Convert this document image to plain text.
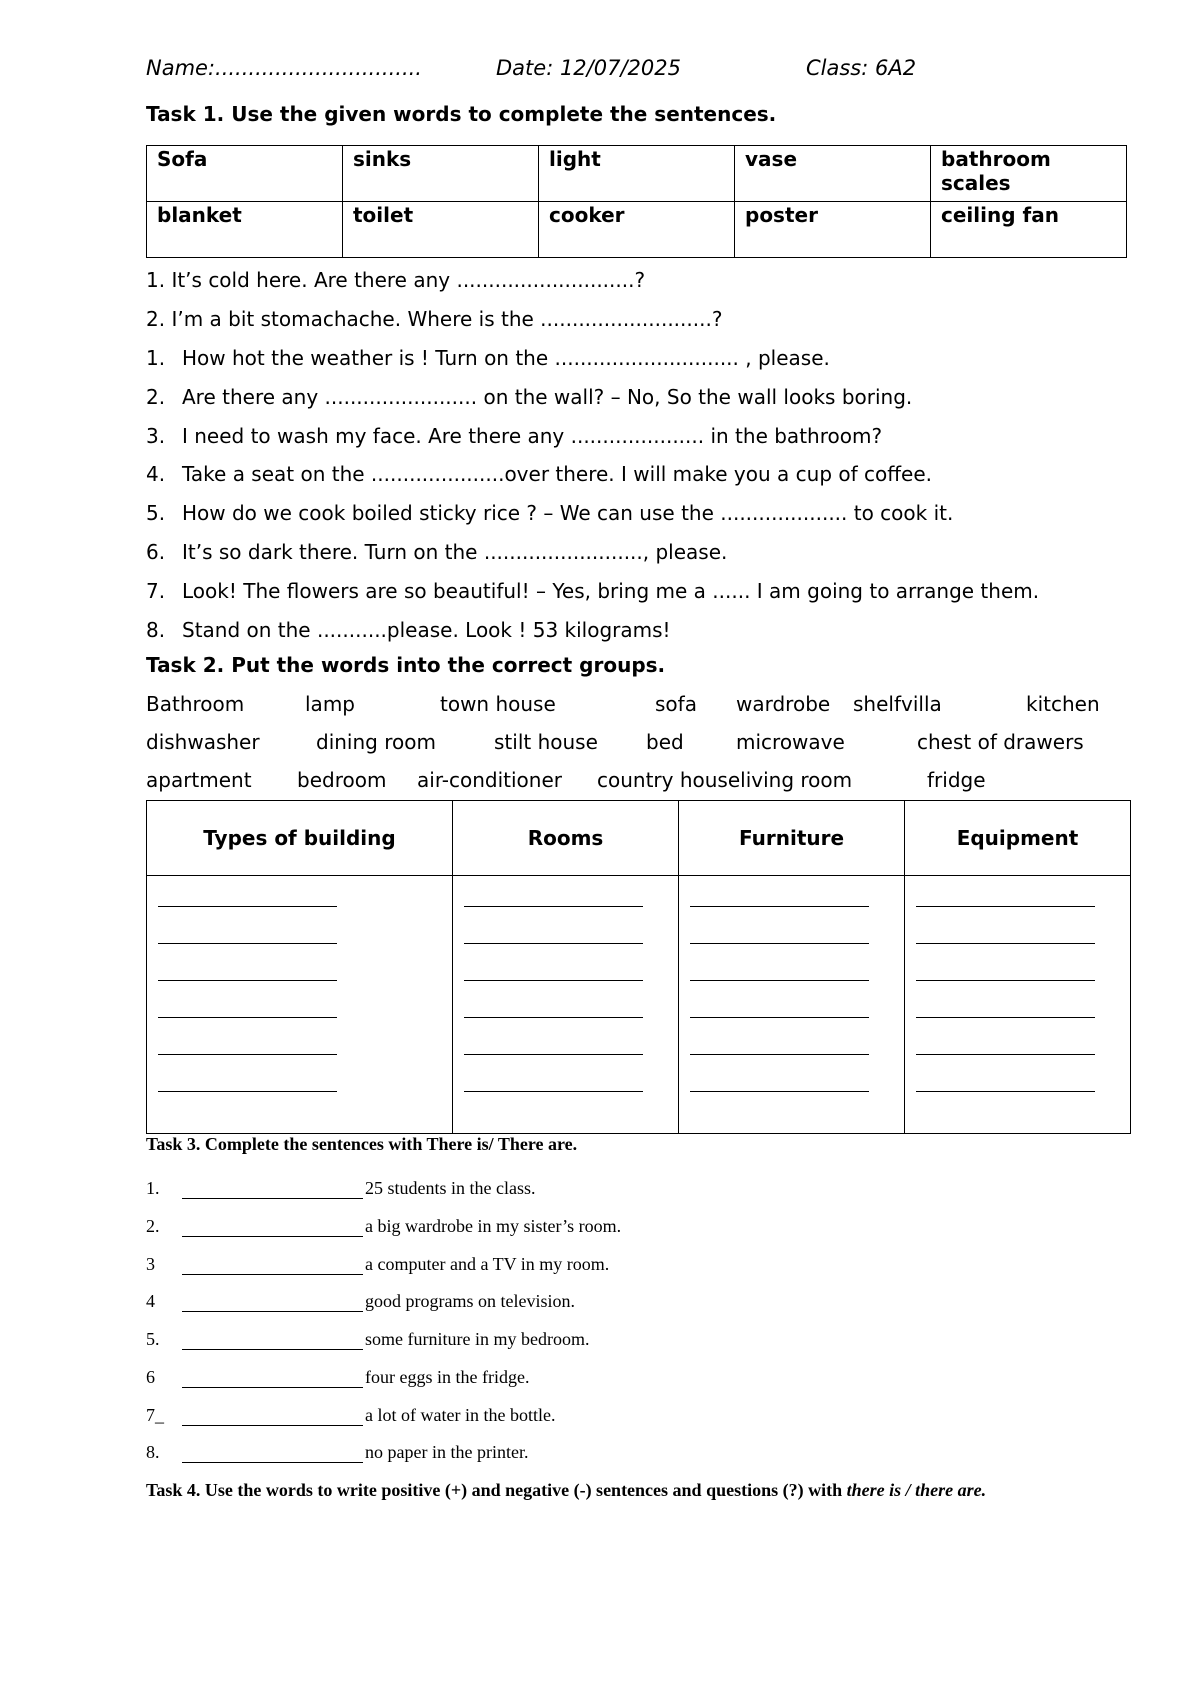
Name:...............................

	Date: 12/07/2025

	Class: 6A2

Task 1. Use the given words to complete the sentences.
Sofa	sinks	light	vase	bathroom scales
blanket	toilet	cooker	poster	ceiling fan
1. It’s cold here. Are there any ............................?
2. I’m a bit stomachache. Where is the ...........................?
1. How hot the weather is ! Turn on the ............................. , please.
2. Are there any ........................ on the wall? – No, So the wall looks boring.
3. I need to wash my face. Are there any ..................... in the bathroom?
4. Take a seat on the .....................over there. I will make you a cup of coffee.
5. How do we cook boiled sticky rice ? – We can use the .................... to cook it.
6. It’s so dark there. Turn on the ........................., please.
7. Look! The flowers are so beautiful! – Yes, bring me a ...... I am going to arrange them.
8. Stand on the ...........please. Look ! 53 kilograms!
Task 2. Put the words into the correct groups.
Bathroom	lamp	town house	sofa wardrobe shelfvilla	kitchen
dishwasher	dining room	stilt house bed	microwave	chest of drawers
apartment bedroom air-conditioner country houseliving room	fridge
Types of building	Rooms	Furniture	Equipment

Task 3. Complete the sentences with There is/ There are.
1.	25 students in the class.
2.	a big wardrobe in my sister’s room.
3	a computer and a TV in my room.
4	good programs on television.
5.	some furniture in my bedroom.
6	four eggs in the fridge.
7_	a lot of water in the bottle.
8.	no paper in the printer.
Task 4. Use the words to write positive (+) and negative (-) sentences and questions (?) with there is / there are.
